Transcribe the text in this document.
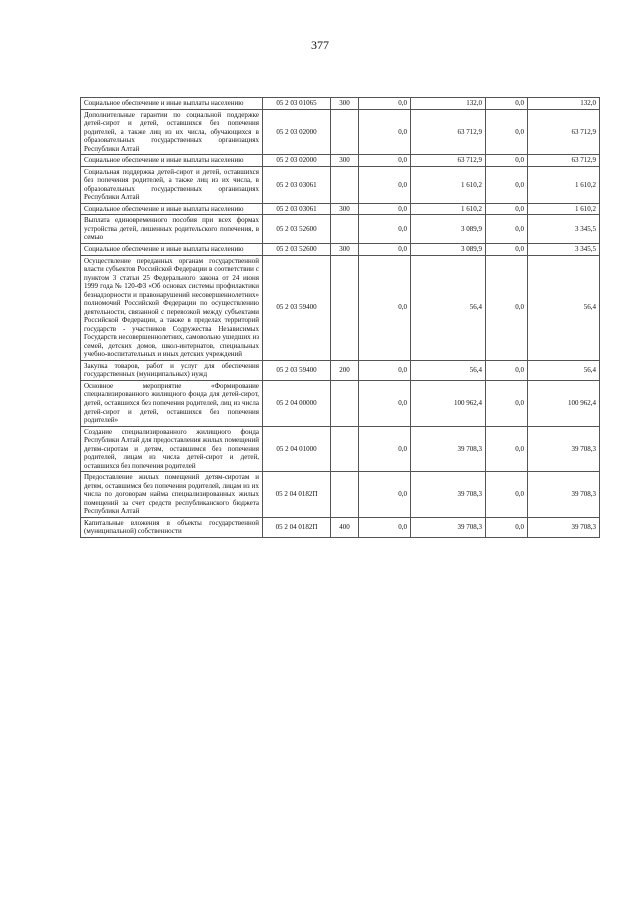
377
Социальное обеспечение и иные выплаты населению	05 2 03 01065	300	0,0	132,0	0,0	132,0
Дополнительные гарантии по социальной поддержке детей-сирот и детей, оставшихся без попечения родителей, а также лиц из их числа, обучающихся в образовательных государственных организациях Республики Алтай	05 2 03 02000		0,0	63 712,9	0,0	63 712,9
Социальное обеспечение и иные выплаты населению	05 2 03 02000	300	0,0	63 712,9	0,0	63 712,9
Социальная поддержка детей-сирот и детей, оставшихся без попечения родителей, а также лиц из их числа, в образовательных государственных организациях Республики Алтай	05 2 03 03061		0,0	1 610,2	0,0	1 610,2
Социальное обеспечение и иные выплаты населению	05 2 03 03061	300	0,0	1 610,2	0,0	1 610,2
Выплата единовременного пособия при всех формах устройства детей, лишенных родительского попечения, в семью	05 2 03 52600		0,0	3 089,9	0,0	3 345,5
Социальное обеспечение и иные выплаты населению	05 2 03 52600	300	0,0	3 089,9	0,0	3 345,5
Осуществление переданных органам государственной власти субъектов Российской Федерации в соответствии с пунктом 3 статьи 25 Федерального закона от 24 июня 1999 года № 120-ФЗ «Об основах системы профилактики безнадзорности и правонарушений несовершеннолетних» полномочий Российской Федерации по осуществлению деятельности, связанной с перевозкой между субъектами Российской Федерации, а также в пределах территорий государств - участников Содружества Независимых Государств несовершеннолетних, самовольно ушедших из семей, детских домов, школ-интернатов, специальных учебно-воспитательных и иных детских учреждений	05 2 03 59400		0,0	56,4	0,0	56,4
Закупка товаров, работ и услуг для обеспечения государственных (муниципальных) нужд	05 2 03 59400	200	0,0	56,4	0,0	56,4
Основное мероприятие «Формирование специализированного жилищного фонда для детей-сирот, детей, оставшихся без попечения родителей, лиц из числа детей-сирот и детей, оставшихся без попечения родителей»	05 2 04 00000		0,0	100 962,4	0,0	100 962,4
Создание специализированного жилищного фонда Республики Алтай для предоставления жилых помещений детям-сиротам и детям, оставшимся без попечения родителей, лицам из числа детей-сирот и детей, оставшихся без попечения родителей	05 2 04 01000		0,0	39 708,3	0,0	39 708,3
Предоставление жилых помещений детям-сиротам и детям, оставшимся без попечения родителей, лицам из их числа по договорам найма специализированных жилых помещений за счет средств республиканского бюджета Республики Алтай	05 2 04 0182П		0,0	39 708,3	0,0	39 708,3
Капитальные вложения в объекты государственной (муниципальной) собственности	05 2 04 0182П	400	0,0	39 708,3	0,0	39 708,3
